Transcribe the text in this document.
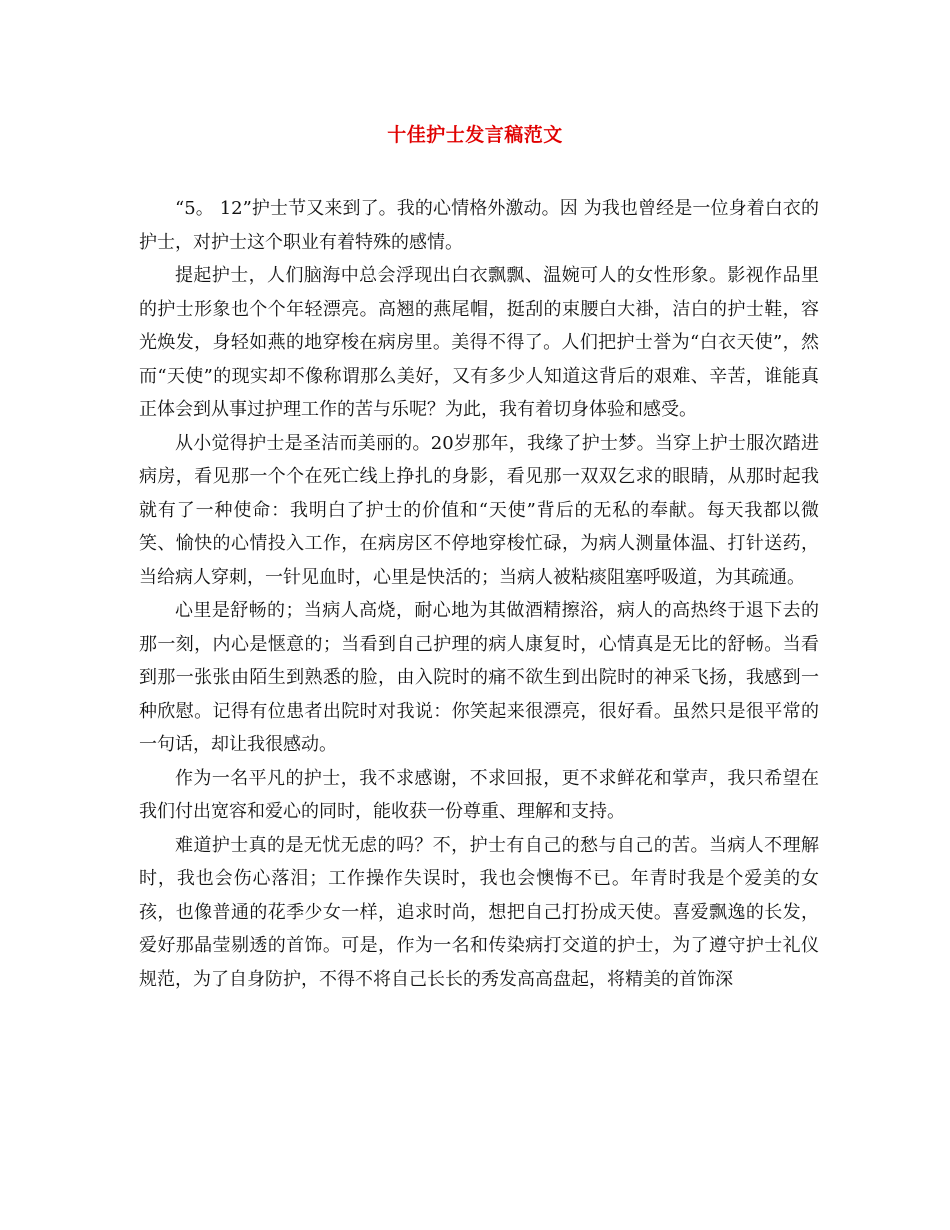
十佳护士发言稿范文

“5。 12”护士节又来到了。我的心情格外激动。因 为我也曾经是一位身着白衣的护士，对护士这个职业有着特殊的感情。

提起护士，人们脑海中总会浮现出白衣飘飘、温婉可人的女性形象。影视作品里的护士形象也个个年轻漂亮。高翘的燕尾帽，挺刮的束腰白大褂，洁白的护士鞋，容光焕发，身轻如燕的地穿梭在病房里。美得不得了。人们把护士誉为“白衣天使”，然而“天使”的现实却不像称谓那么美好，又有多少人知道这背后的艰难、辛苦，谁能真正体会到从事过护理工作的苦与乐呢？为此，我有着切身体验和感受。

从小觉得护士是圣洁而美丽的。20岁那年，我缘了护士梦。当穿上护士服次踏进病房，看见那一个个在死亡线上挣扎的身影，看见那一双双乞求的眼睛，从那时起我就有了一种使命：我明白了护士的价值和“天使”背后的无私的奉献。每天我都以微笑、愉快的心情投入工作，在病房区不停地穿梭忙碌，为病人测量体温、打针送药，当给病人穿刺，一针见血时，心里是快活的；当病人被粘痰阻塞呼吸道，为其疏通。

心里是舒畅的；当病人高烧，耐心地为其做酒精擦浴，病人的高热终于退下去的那一刻，内心是惬意的；当看到自己护理的病人康复时，心情真是无比的舒畅。当看到那一张张由陌生到熟悉的脸，由入院时的痛不欲生到出院时的神采飞扬，我感到一种欣慰。记得有位患者出院时对我说：你笑起来很漂亮，很好看。虽然只是很平常的一句话，却让我很感动。

作为一名平凡的护士，我不求感谢，不求回报，更不求鲜花和掌声，我只希望在我们付出宽容和爱心的同时，能收获一份尊重、理解和支持。

难道护士真的是无忧无虑的吗？不，护士有自己的愁与自己的苦。当病人不理解时，我也会伤心落泪；工作操作失误时，我也会懊悔不已。年青时我是个爱美的女孩，也像普通的花季少女一样，追求时尚，想把自己打扮成天使。喜爱飘逸的长发，爱好那晶莹剔透的首饰。可是，作为一名和传染病打交道的护士，为了遵守护士礼仪规范，为了自身防护，不得不将自己长长的秀发高高盘起，将精美的首饰深
